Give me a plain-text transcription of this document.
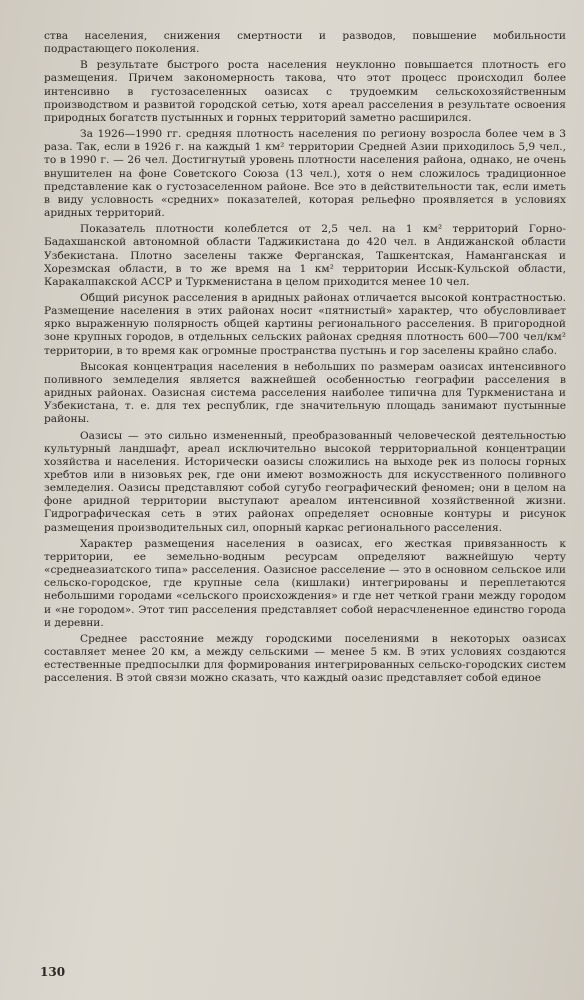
ства населения, снижения смертности и разводов, повышение мобильности подрастающего поколения.

В результате быстрого роста населения неуклонно повышается плотность его размещения. Причем закономерность такова, что этот процесс происходил более интенсивно в густозаселенных оазисах с трудоемким сельскохозяйственным производством и развитой городской сетью, хотя ареал расселения в результате освоения природных богатств пустынных и горных территорий заметно расширился.

За 1926—1990 гг. средняя плотность населения по региону возросла более чем в 3 раза. Так, если в 1926 г. на каждый 1 км² территории Средней Азии приходилось 5,9 чел., то в 1990 г. — 26 чел. Достигнутый уровень плотности населения района, однако, не очень внушителен на фоне Советского Союза (13 чел.), хотя о нем сложилось традиционное представление как о густозаселенном районе. Все это в действительности так, если иметь в виду условность «средних» показателей, которая рельефно проявляется в условиях аридных территорий.

Показатель плотности колеблется от 2,5 чел. на 1 км² территорий Горно-Бадахшанской автономной области Таджикистана до 420 чел. в Андижанской области Узбекистана. Плотно заселены также Ферганская, Ташкентская, Наманганская и Хорезмская области, в то же время на 1 км² территории Иссык-Кульской области, Каракалпакской АССР и Туркменистана в целом приходится менее 10 чел.

Общий рисунок расселения в аридных районах отличается высокой контрастностью. Размещение населения в этих районах носит «пятнистый» характер, что обусловливает ярко выраженную полярность общей картины регионального расселения. В пригородной зоне крупных городов, в отдельных сельских районах средняя плотность 600—700 чел/км² территории, в то время как огромные пространства пустынь и гор заселены крайно слабо.

Высокая концентрация населения в небольших по размерам оазисах интенсивного поливного земледелия является важнейшей особенностью географии расселения в аридных районах. Оазисная система расселения наиболее типична для Туркменистана и Узбекистана, т. е. для тех республик, где значительную площадь занимают пустынные районы.

Оазисы — это сильно измененный, преобразованный человеческой деятельностью культурный ландшафт, ареал исключительно высокой территориальной концентрации хозяйства и населения. Исторически оазисы сложились на выходе рек из полосы горных хребтов или в низовьях рек, где они имеют возможность для искусственного поливного земледелия. Оазисы представляют собой сугубо географический феномен; они в целом на фоне аридной территории выступают ареалом интенсивной хозяйственной жизни. Гидрографическая сеть в этих районах определяет основные контуры и рисунок размещения производительных сил, опорный каркас регионального расселения.

Характер размещения населения в оазисах, его жесткая привязанность к территории, ее земельно-водным ресурсам определяют важнейшую черту «среднеазиатского типа» расселения. Оазисное расселение — это в основном сельское или сельско-городское, где крупные села (кишлаки) интегрированы и переплетаются небольшими городами «сельского происхождения» и где нет четкой грани между городом и «не городом». Этот тип расселения представляет собой нерасчлененное единство города и деревни.

Среднее расстояние между городскими поселениями в некоторых оазисах составляет менее 20 км, а между сельскими — менее 5 км. В этих условиях создаются естественные предпосылки для формирования интегрированных сельско-городских систем расселения. В этой связи можно сказать, что каждый оазис представляет собой единое

130
